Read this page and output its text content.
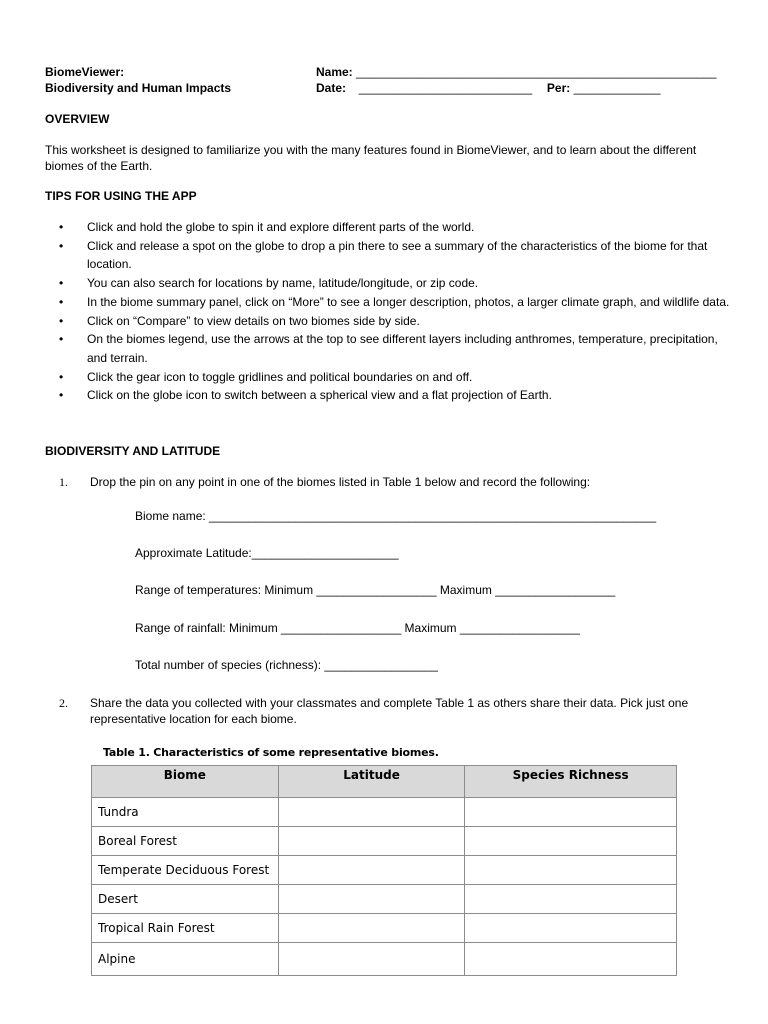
BiomeViewer:
Biodiversity and Human Impacts
Name: ______________________________________________________
Date: __________________________ Per: _____________
OVERVIEW
This worksheet is designed to familiarize you with the many features found in BiomeViewer, and to learn about the different biomes of the Earth.
TIPS FOR USING THE APP
• Click and hold the globe to spin it and explore different parts of the world.
• Click and release a spot on the globe to drop a pin there to see a summary of the characteristics of the biome for that location.
• You can also search for locations by name, latitude/longitude, or zip code.
• In the biome summary panel, click on “More” to see a longer description, photos, a larger climate graph, and wildlife data.
• Click on “Compare” to view details on two biomes side by side.
• On the biomes legend, use the arrows at the top to see different layers including anthromes, temperature, precipitation, and terrain.
• Click the gear icon to toggle gridlines and political boundaries on and off.
• Click on the globe icon to switch between a spherical view and a flat projection of Earth.
BIODIVERSITY AND LATITUDE
1. Drop the pin on any point in one of the biomes listed in Table 1 below and record the following:
Biome name: ___________________________________________________________________
Approximate Latitude:______________________
Range of temperatures: Minimum __________________ Maximum __________________
Range of rainfall: Minimum __________________ Maximum __________________
Total number of species (richness): _________________
2. Share the data you collected with your classmates and complete Table 1 as others share their data. Pick just one representative location for each biome.
Table 1. Characteristics of some representative biomes.
Biome	Latitude	Species Richness
Tundra		
Boreal Forest		
Temperate Deciduous Forest		
Desert		
Tropical Rain Forest		
Alpine		
